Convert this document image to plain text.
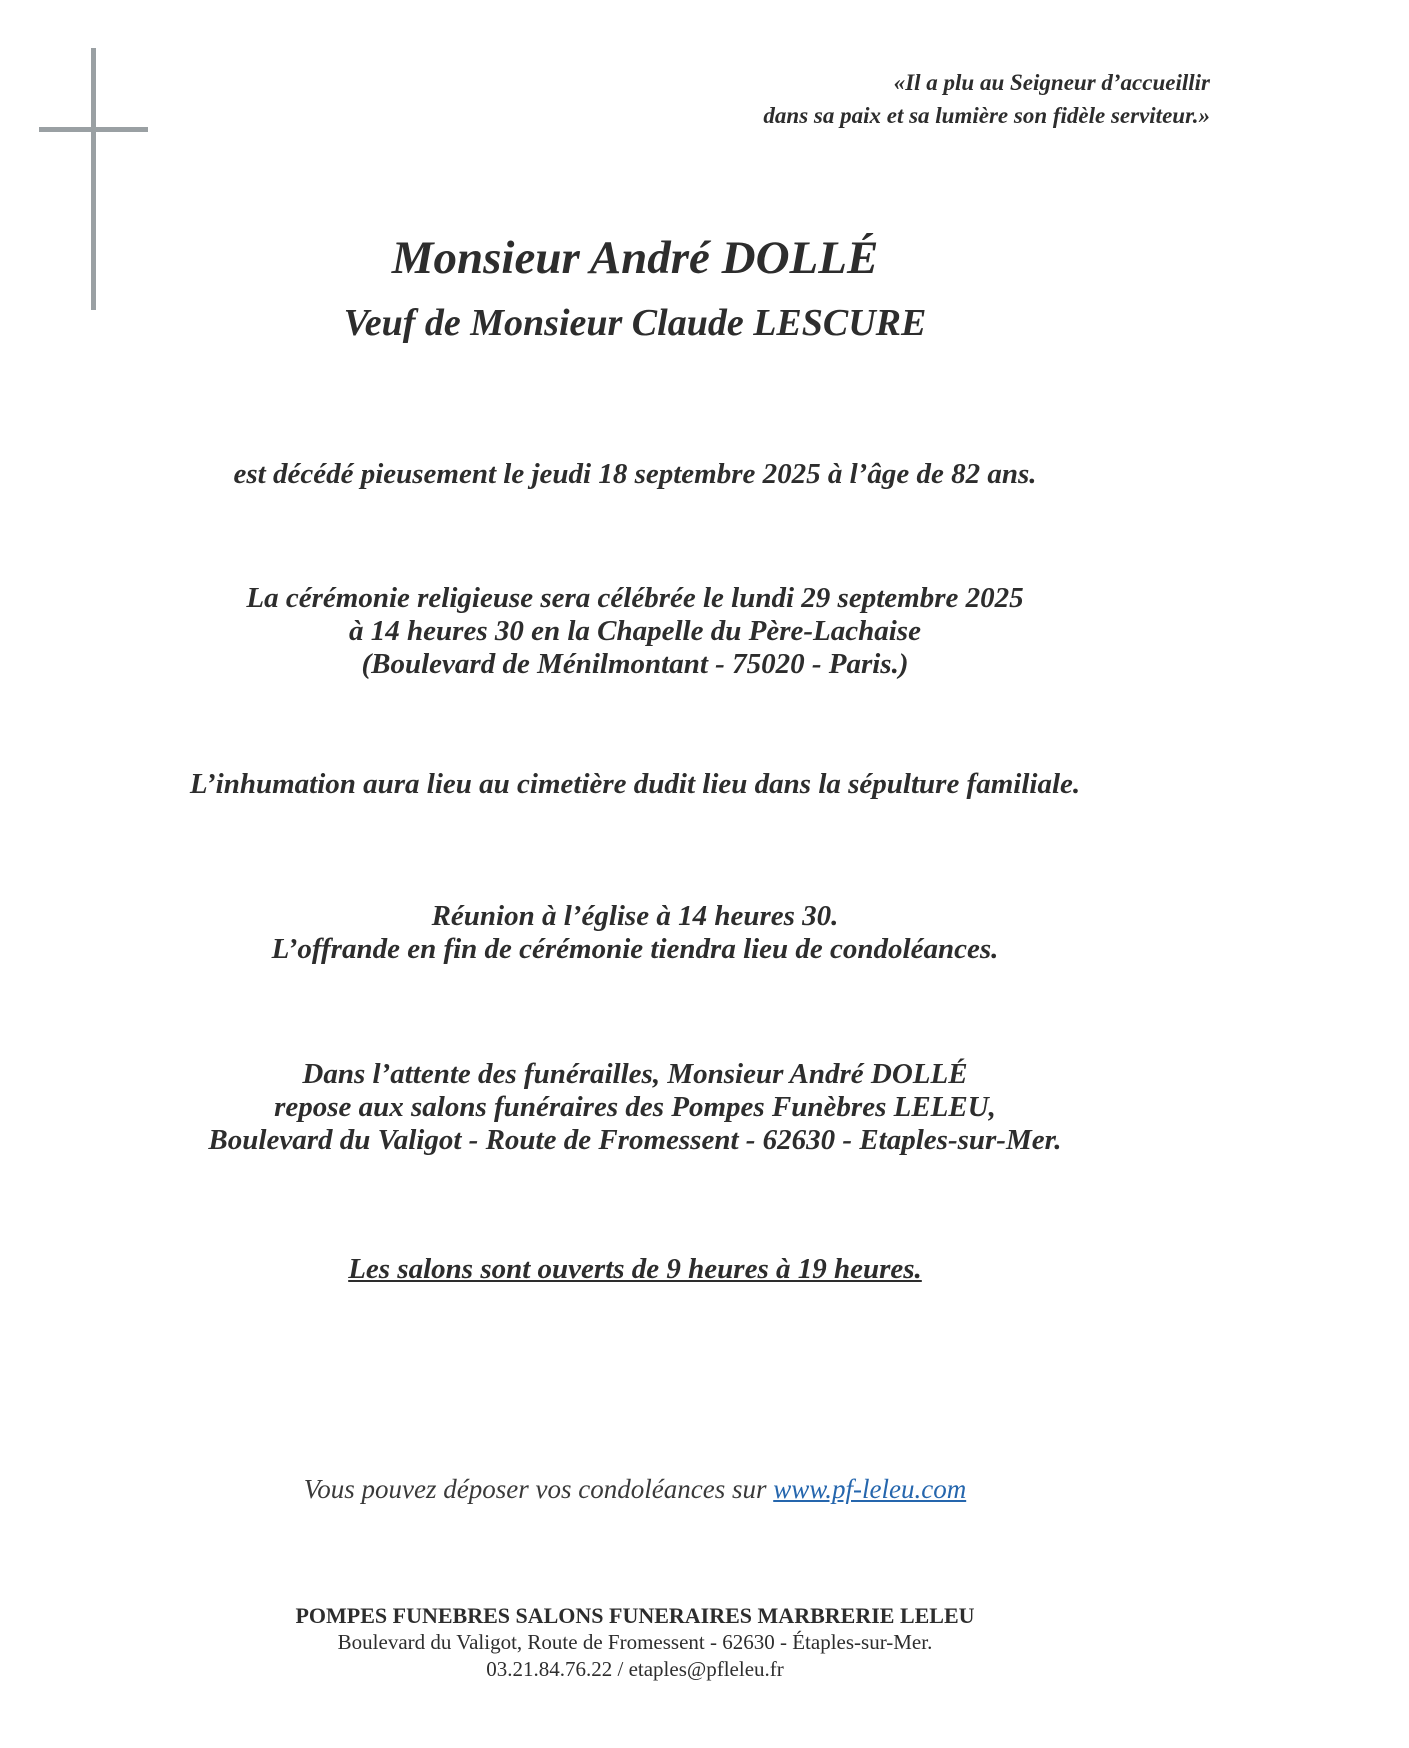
«Il a plu au Seigneur d’accueillir
dans sa paix et sa lumière son fidèle serviteur.»
Monsieur André DOLLÉ
Veuf de Monsieur Claude LESCURE

est décédé pieusement le jeudi 18 septembre 2025 à l’âge de 82 ans.

La cérémonie religieuse sera célébrée le lundi 29 septembre 2025
à 14 heures 30 en la Chapelle du Père-Lachaise
(Boulevard de Ménilmontant - 75020 - Paris.)

L’inhumation aura lieu au cimetière dudit lieu dans la sépulture familiale.

Réunion à l’église à 14 heures 30.
L’offrande en fin de cérémonie tiendra lieu de condoléances.
Dans l’attente des funérailles, Monsieur André DOLLÉ
repose aux salons funéraires des Pompes Funèbres LELEU,
Boulevard du Valigot - Route de Fromessent - 62630 - Etaples-sur-Mer.

Les salons sont ouverts de 9 heures à 19 heures.

Vous pouvez déposer vos condoléances sur www.pf-leleu.com

POMPES FUNEBRES SALONS FUNERAIRES MARBRERIE LELEU
Boulevard du Valigot, Route de Fromessent - 62630 - Étaples-sur-Mer.
03.21.84.76.22 / etaples@pfleleu.fr
